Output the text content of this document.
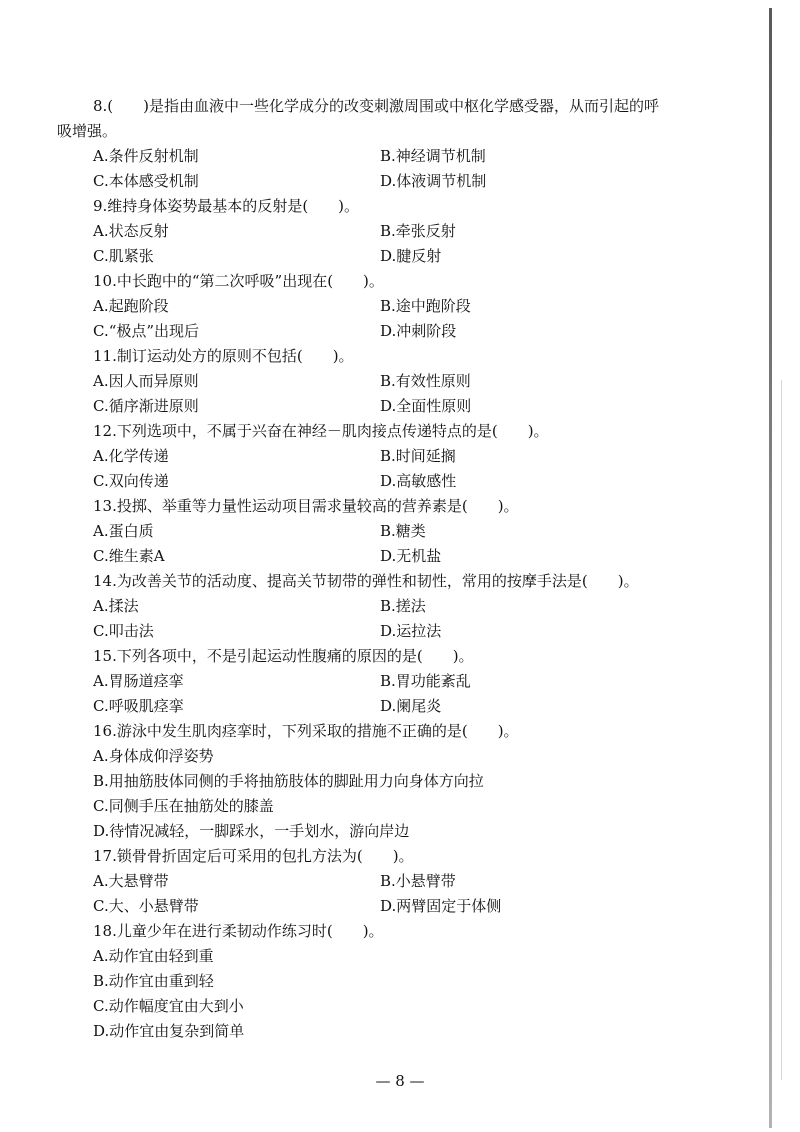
8.(　　)是指由血液中一些化学成分的改变刺激周围或中枢化学感受器，从而引起的呼
吸增强。
A.条件反射机制	B.神经调节机制
C.本体感受机制	D.体液调节机制
9.维持身体姿势最基本的反射是(　　)。
A.状态反射	B.牵张反射
C.肌紧张	D.腱反射
10.中长跑中的“第二次呼吸”出现在(　　)。
A.起跑阶段	B.途中跑阶段
C.“极点”出现后	D.冲刺阶段
11.制订运动处方的原则不包括(　　)。
A.因人而异原则	B.有效性原则
C.循序渐进原则	D.全面性原则
12.下列选项中，不属于兴奋在神经－肌肉接点传递特点的是(　　)。
A.化学传递	B.时间延搁
C.双向传递	D.高敏感性
13.投掷、举重等力量性运动项目需求量较高的营养素是(　　)。
A.蛋白质	B.糖类
C.维生素A	D.无机盐
14.为改善关节的活动度、提高关节韧带的弹性和韧性，常用的按摩手法是(　　)。
A.揉法	B.搓法
C.叩击法	D.运拉法
15.下列各项中，不是引起运动性腹痛的原因的是(　　)。
A.胃肠道痉挛	B.胃功能紊乱
C.呼吸肌痉挛	D.阑尾炎
16.游泳中发生肌肉痉挛时，下列采取的措施不正确的是(　　)。
A.身体成仰浮姿势
B.用抽筋肢体同侧的手将抽筋肢体的脚趾用力向身体方向拉
C.同侧手压在抽筋处的膝盖
D.待情况减轻，一脚踩水，一手划水，游向岸边
17.锁骨骨折固定后可采用的包扎方法为(　　)。
A.大悬臂带	B.小悬臂带
C.大、小悬臂带	D.两臂固定于体侧
18.儿童少年在进行柔韧动作练习时(　　)。
A.动作宜由轻到重
B.动作宜由重到轻
C.动作幅度宜由大到小
D.动作宜由复杂到简单
— 8 —
